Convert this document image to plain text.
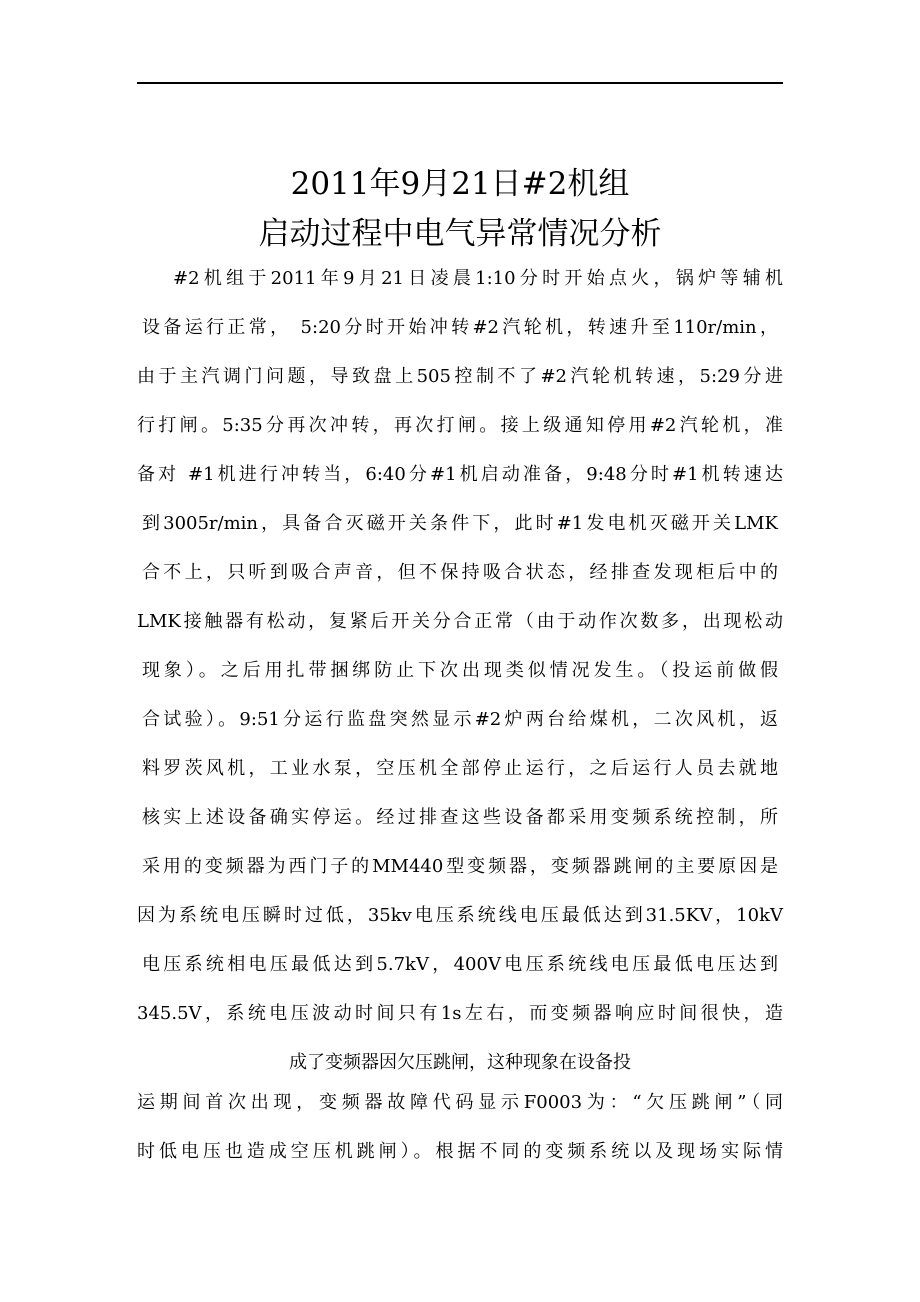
2011年9月21日#2机组
启动过程中电气异常情况分析
#2机组于2011年9月21日凌晨1:10分时开始点火，锅炉等辅机
设备运行正常， 5:20分时开始冲转#2汽轮机，转速升至110r/min，
由于主汽调门问题，导致盘上505控制不了#2汽轮机转速，5:29分进
行打闸。5:35分再次冲转，再次打闸。接上级通知停用#2汽轮机，准
备对 #1机进行冲转当，6:40分#1机启动准备，9:48分时#1机转速达
到3005r/min，具备合灭磁开关条件下，此时#1发电机灭磁开关LMK
合不上，只听到吸合声音，但不保持吸合状态，经排查发现柜后中的
LMK接触器有松动，复紧后开关分合正常（由于动作次数多，出现松动
现象）。之后用扎带捆绑防止下次出现类似情况发生。（投运前做假
合试验）。9:51分运行监盘突然显示#2炉两台给煤机，二次风机，返
料罗茨风机，工业水泵，空压机全部停止运行，之后运行人员去就地
核实上述设备确实停运。经过排查这些设备都采用变频系统控制，所
采用的变频器为西门子的MM440型变频器，变频器跳闸的主要原因是
因为系统电压瞬时过低，35kv电压系统线电压最低达到31.5KV，10kV
电压系统相电压最低达到5.7kV，400V电压系统线电压最低电压达到
345.5V，系统电压波动时间只有1s左右，而变频器响应时间很快，造
成了变频器因欠压跳闸，这种现象在设备投
运期间首次出现，变频器故障代码显示F0003为：“欠压跳闸”（同
时低电压也造成空压机跳闸）。根据不同的变频系统以及现场实际情
